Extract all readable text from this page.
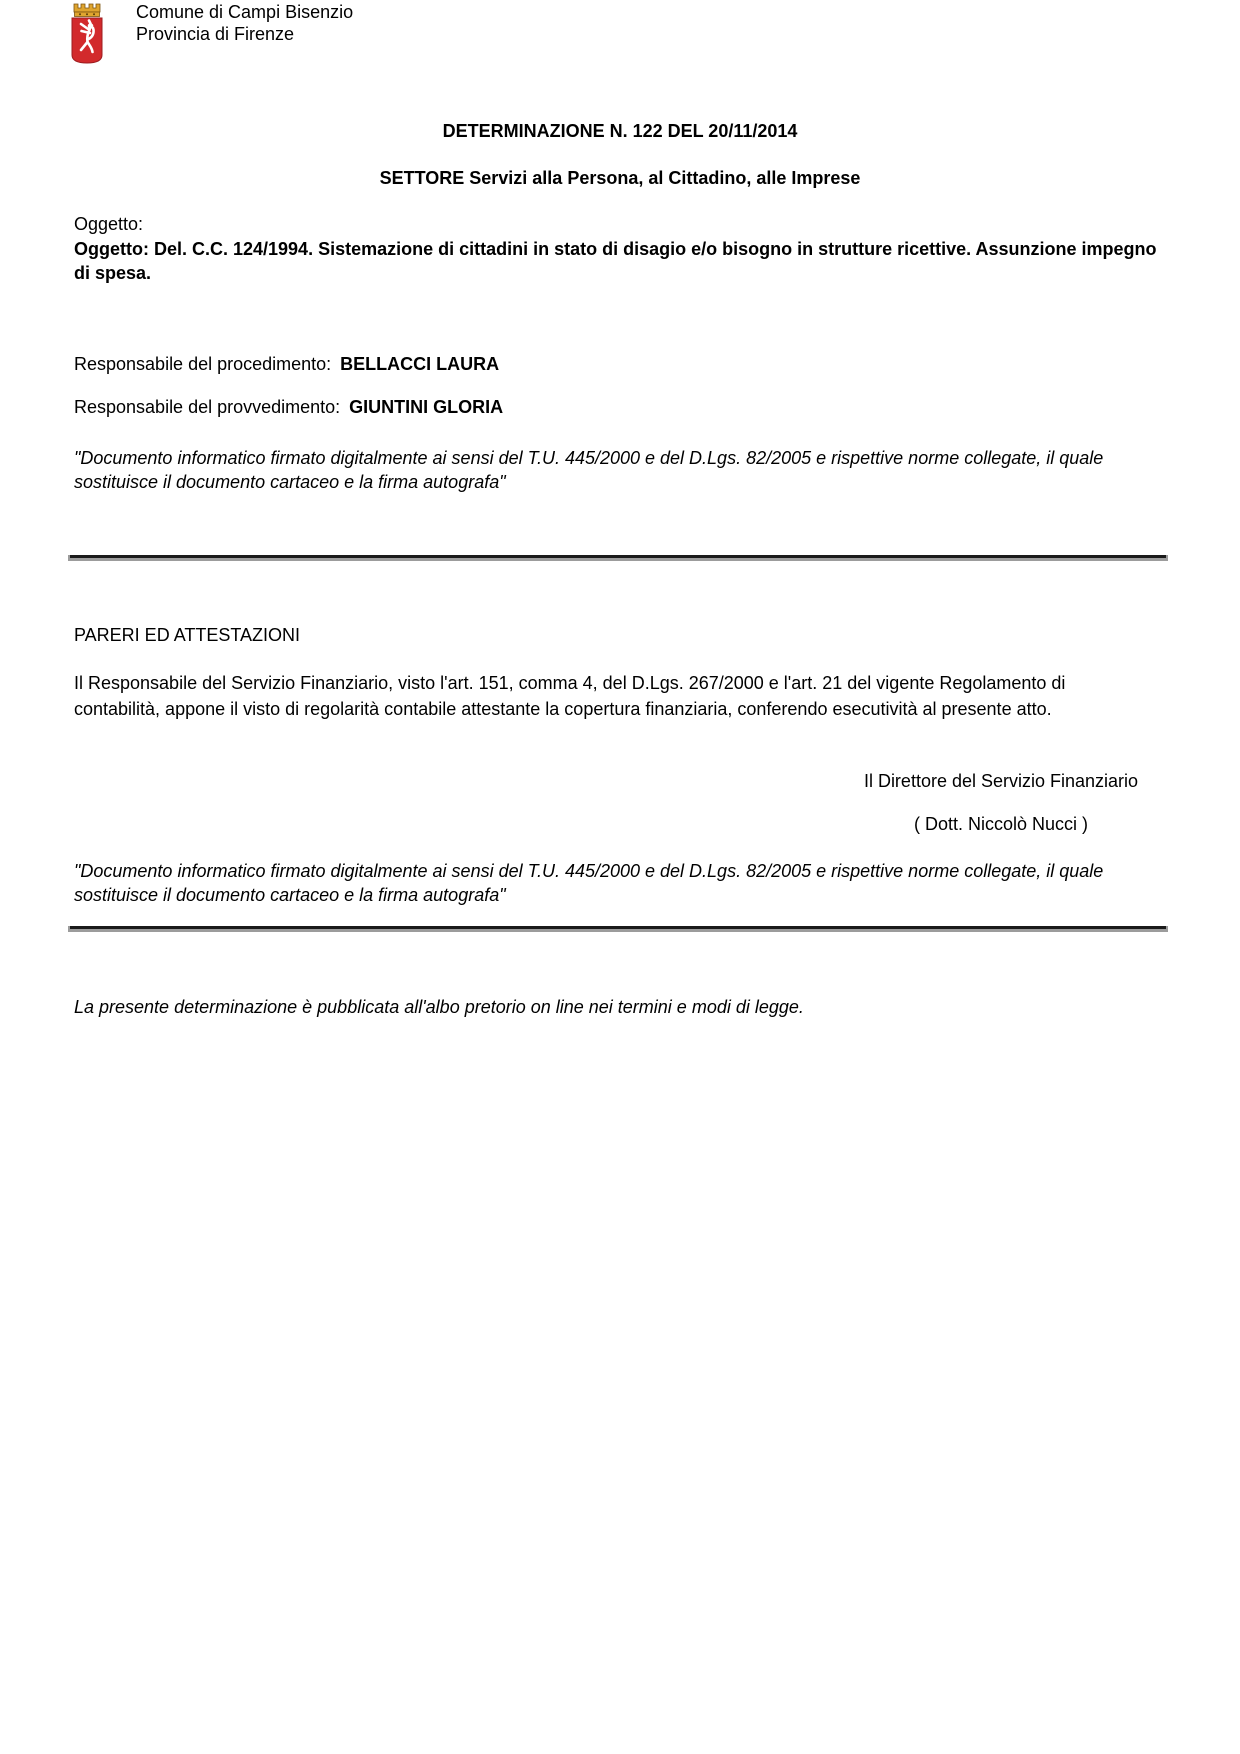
Comune di Campi Bisenzio
Provincia di Firenze
DETERMINAZIONE N. 122 DEL 20/11/2014
SETTORE Servizi alla Persona, al Cittadino, alle Imprese
Oggetto:
Oggetto: Del. C.C. 124/1994. Sistemazione di cittadini in stato di disagio e/o bisogno in strutture ricettive. Assunzione impegno di spesa.
Responsabile del procedimento: BELLACCI LAURA
Responsabile del provvedimento: GIUNTINI GLORIA
"Documento informatico firmato digitalmente ai sensi del T.U. 445/2000 e del D.Lgs. 82/2005 e rispettive norme collegate, il quale sostituisce il documento cartaceo e la firma autografa"
PARERI ED ATTESTAZIONI
Il Responsabile del Servizio Finanziario, visto l'art. 151, comma 4, del D.Lgs. 267/2000 e l'art. 21 del vigente Regolamento di contabilità, appone il visto di regolarità contabile attestante la copertura finanziaria, conferendo esecutività al presente atto.
Il Direttore del Servizio Finanziario
( Dott. Niccolò Nucci )
"Documento informatico firmato digitalmente ai sensi del T.U. 445/2000 e del D.Lgs. 82/2005 e rispettive norme collegate, il quale sostituisce il documento cartaceo e la firma autografa"
La presente determinazione è pubblicata all'albo pretorio on line nei termini e modi di legge.
